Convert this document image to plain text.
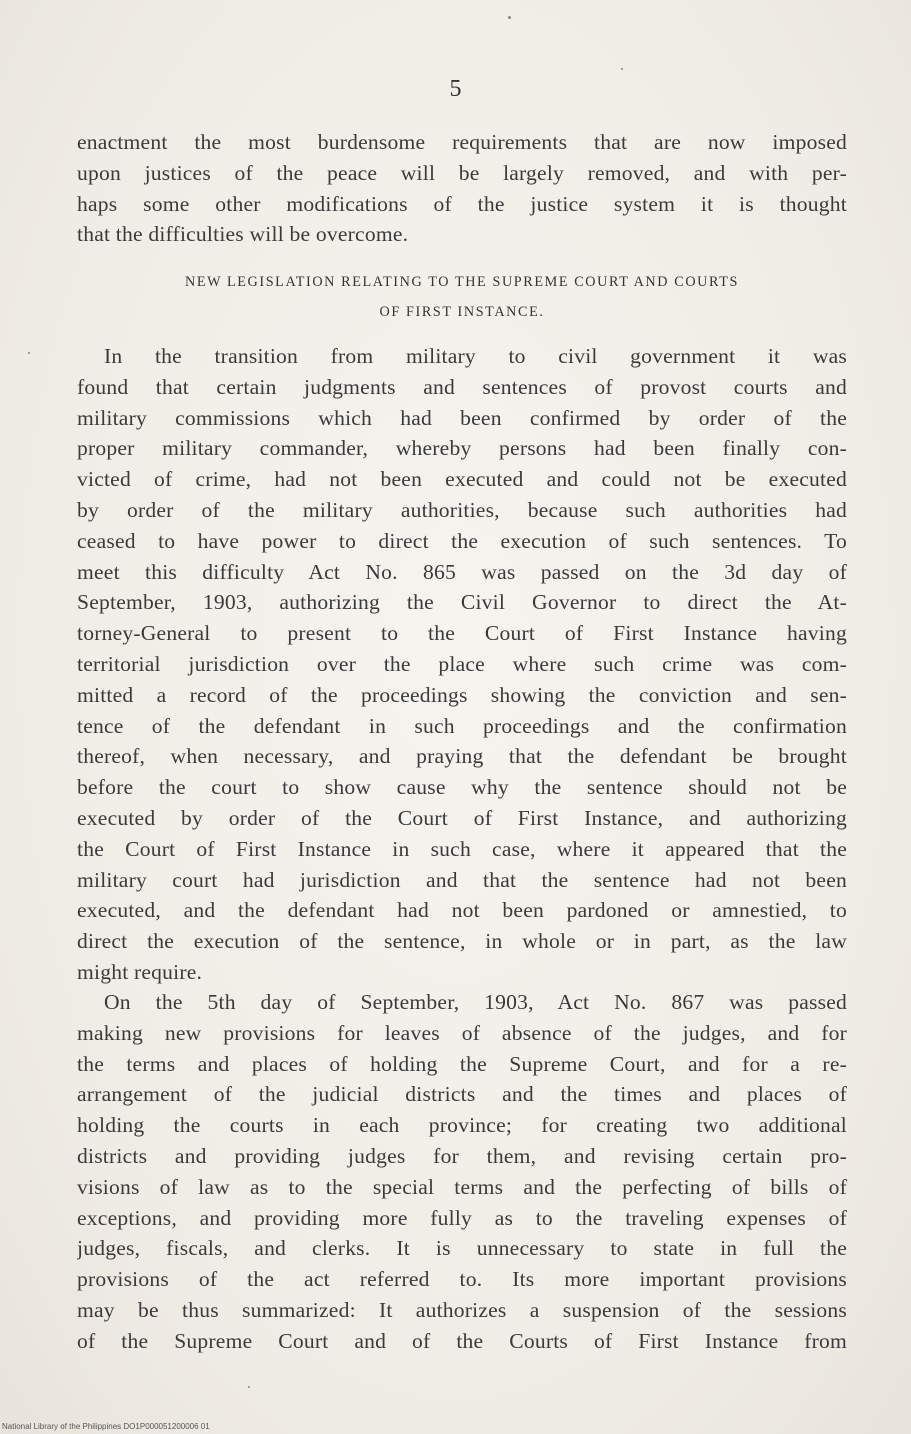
5
enactment the most burdensome requirements that are now imposed
upon justices of the peace will be largely removed, and with per-
haps some other modifications of the justice system it is thought
that the difficulties will be overcome.
NEW LEGISLATION RELATING TO THE SUPREME COURT AND COURTS
OF FIRST INSTANCE.
In the transition from military to civil government it was
found that certain judgments and sentences of provost courts and
military commissions which had been confirmed by order of the
proper military commander, whereby persons had been finally con-
victed of crime, had not been executed and could not be executed
by order of the military authorities, because such authorities had
ceased to have power to direct the execution of such sentences. To
meet this difficulty Act No. 865 was passed on the 3d day of
September, 1903, authorizing the Civil Governor to direct the At-
torney-General to present to the Court of First Instance having
territorial jurisdiction over the place where such crime was com-
mitted a record of the proceedings showing the conviction and sen-
tence of the defendant in such proceedings and the confirmation
thereof, when necessary, and praying that the defendant be brought
before the court to show cause why the sentence should not be
executed by order of the Court of First Instance, and authorizing
the Court of First Instance in such case, where it appeared that the
military court had jurisdiction and that the sentence had not been
executed, and the defendant had not been pardoned or amnestied, to
direct the execution of the sentence, in whole or in part, as the law
might require.
On the 5th day of September, 1903, Act No. 867 was passed
making new provisions for leaves of absence of the judges, and for
the terms and places of holding the Supreme Court, and for a re-
arrangement of the judicial districts and the times and places of
holding the courts in each province; for creating two additional
districts and providing judges for them, and revising certain pro-
visions of law as to the special terms and the perfecting of bills of
exceptions, and providing more fully as to the traveling expenses of
judges, fiscals, and clerks. It is unnecessary to state in full the
provisions of the act referred to. Its more important provisions
may be thus summarized: It authorizes a suspension of the sessions
of the Supreme Court and of the Courts of First Instance from
National Library of the Philippines DO1P000051200006 01
